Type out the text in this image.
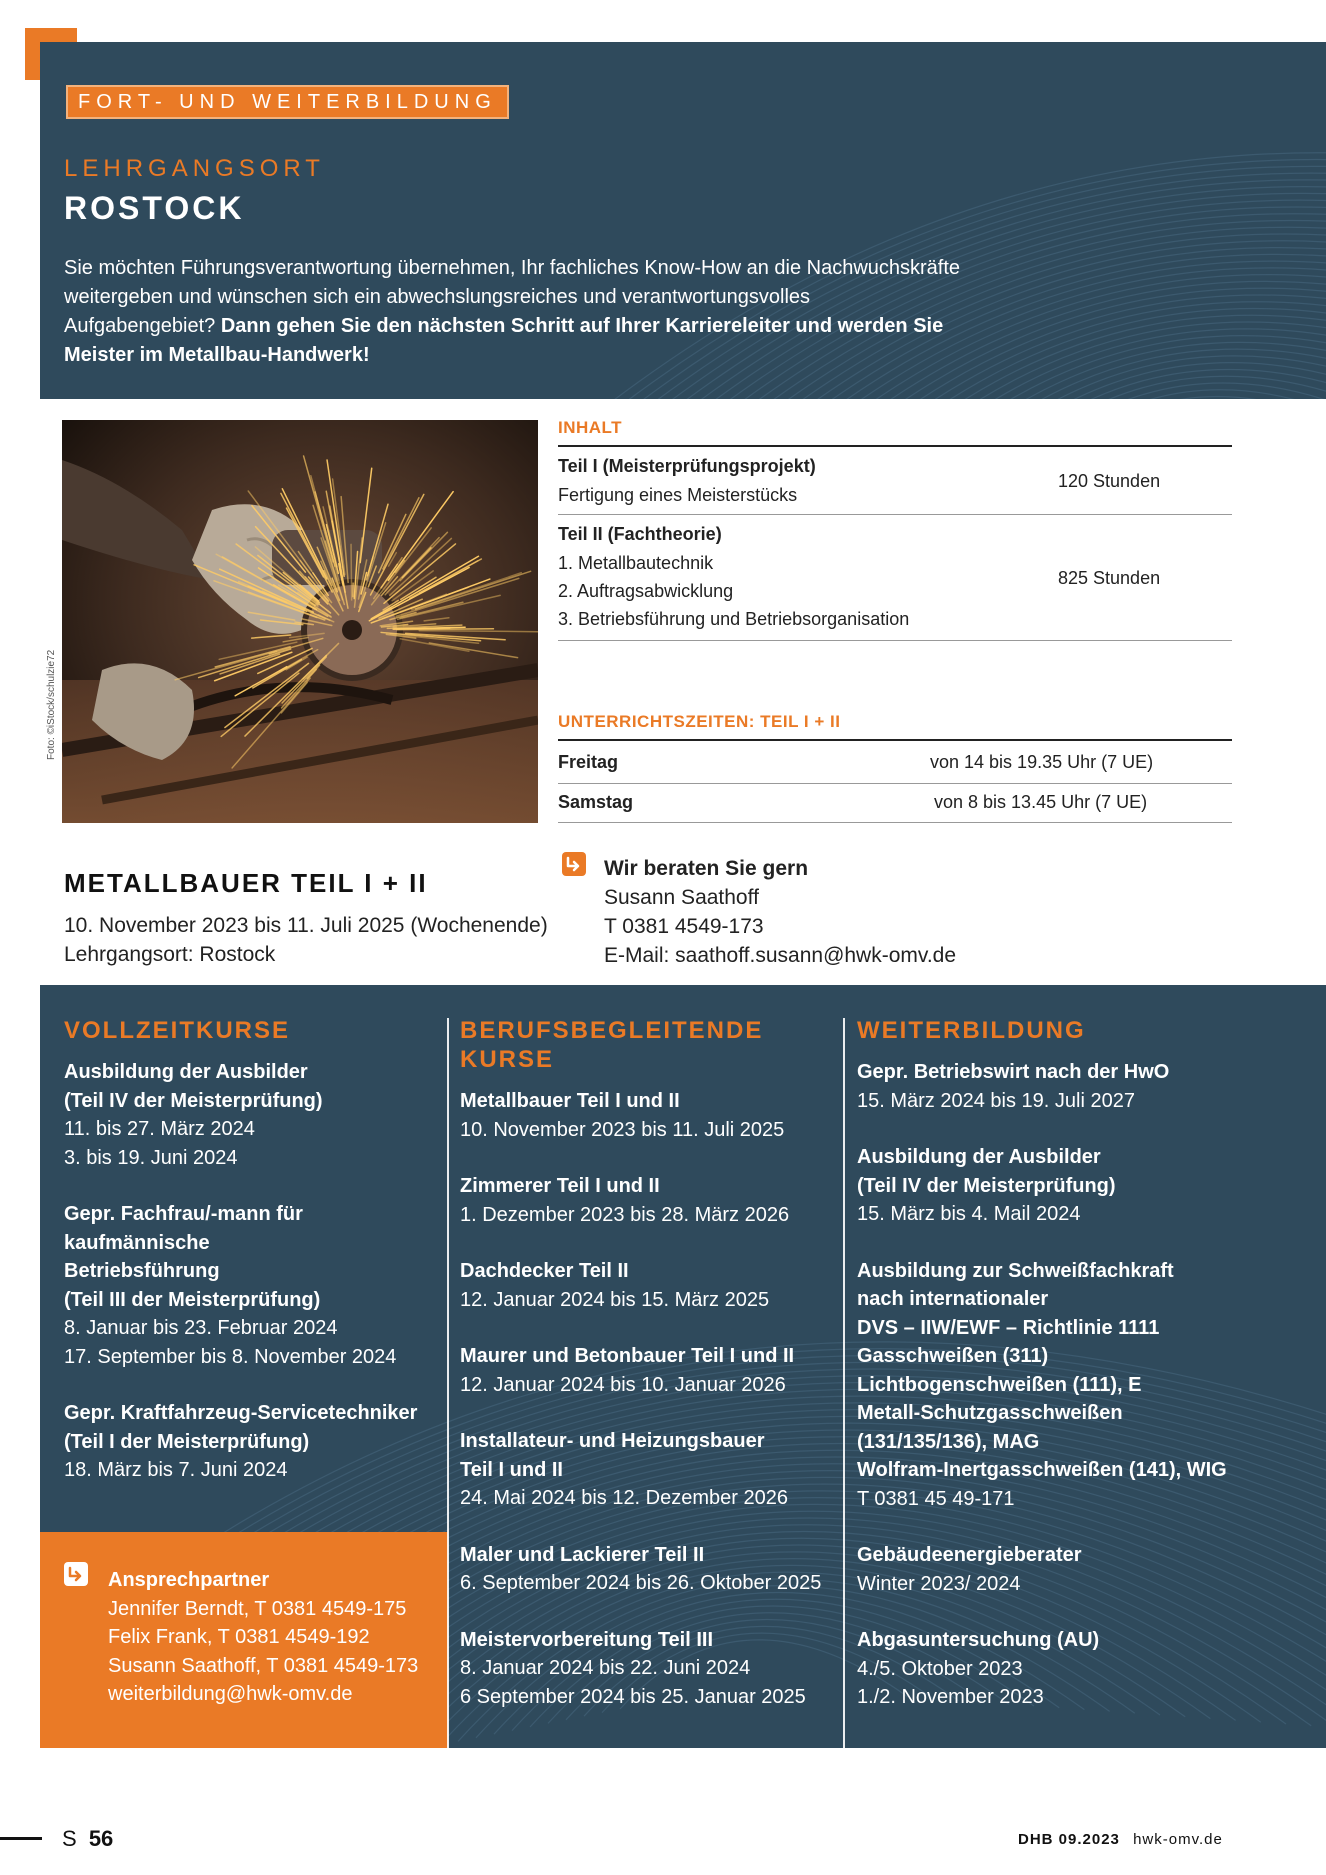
FORT- UND WEITERBILDUNG
LEHRGANGSORT
ROSTOCK
Sie möchten Führungsverantwortung übernehmen, Ihr fachliches Know-How an die Nachwuchskräfte weitergeben und wünschen sich ein abwechslungsreiches und verantwortungsvolles Aufgabengebiet? Dann gehen Sie den nächsten Schritt auf Ihrer Karriereleiter und werden Sie Meister im Metallbau-Handwerk!
Foto: ©iStock/schulzie72
INHALT
Teil I (Meisterprüfungsprojekt)
Fertigung eines Meisterstücks
120 Stunden
Teil II (Fachtheorie)
1. Metallbautechnik
2. Auftragsabwicklung
3. Betriebsführung und Betriebsorganisation
825 Stunden
UNTERRICHTSZEITEN: TEIL I + II
Freitag	von 14 bis 19.35 Uhr (7 UE)
Samstag	von 8 bis 13.45 Uhr (7 UE)
METALLBAUER TEIL I + II
10. November 2023 bis 11. Juli 2025 (Wochenende)
Lehrgangsort: Rostock
Wir beraten Sie gern
Susann Saathoff
T 0381 4549-173
E-Mail: saathoff.susann@hwk-omv.de
VOLLZEITKURSE

Ausbildung der Ausbilder

(Teil IV der Meisterprüfung)

11. bis 27. März 2024

3. bis 19. Juni 2024

Gepr. Fachfrau/-mann für kaufmännische

Betriebsführung

(Teil III der Meisterprüfung)

8. Januar bis 23. Februar 2024

17. September bis 8. November 2024

Gepr. Kraftfahrzeug-Servicetechniker

(Teil I der Meisterprüfung)

18. März bis 7. Juni 2024

Ansprechpartner

Jennifer Berndt, T 0381 4549-175

Felix Frank, T 0381 4549-192

Susann Saathoff, T 0381 4549-173

weiterbildung@hwk-omv.de

BERUFSBEGLEITENDE
KURSE

Metallbauer Teil I und II

10. November 2023 bis 11. Juli 2025

Zimmerer Teil I und II

1. Dezember 2023 bis 28. März 2026

Dachdecker Teil II

12. Januar 2024 bis 15. März 2025

Maurer und Betonbauer Teil I und II

12. Januar 2024 bis 10. Januar 2026

Installateur- und Heizungsbauer

Teil I und II

24. Mai 2024 bis 12. Dezember 2026

Maler und Lackierer Teil II

6. September 2024 bis 26. Oktober 2025

Meistervorbereitung Teil III

8. Januar 2024 bis 22. Juni 2024

6 September 2024 bis 25. Januar 2025

WEITERBILDUNG

Gepr. Betriebswirt nach der HwO

15. März 2024 bis 19. Juli 2027

Ausbildung der Ausbilder

(Teil IV der Meisterprüfung)

15. März bis 4. Mail 2024

Ausbildung zur Schweißfachkraft

nach internationaler

DVS – IIW/EWF – Richtlinie 1111

Gasschweißen (311)

Lichtbogenschweißen (111), E

Metall-Schutzgasschweißen

(131/135/136), MAG

Wolfram-Inertgasschweißen (141), WIG

T 0381 45 49-171

Gebäudeenergieberater

Winter 2023/ 2024

Abgasuntersuchung (AU)

4./5. Oktober 2023

1./2. November 2023

S 56	DHB 09.2023 hwk-omv.de
